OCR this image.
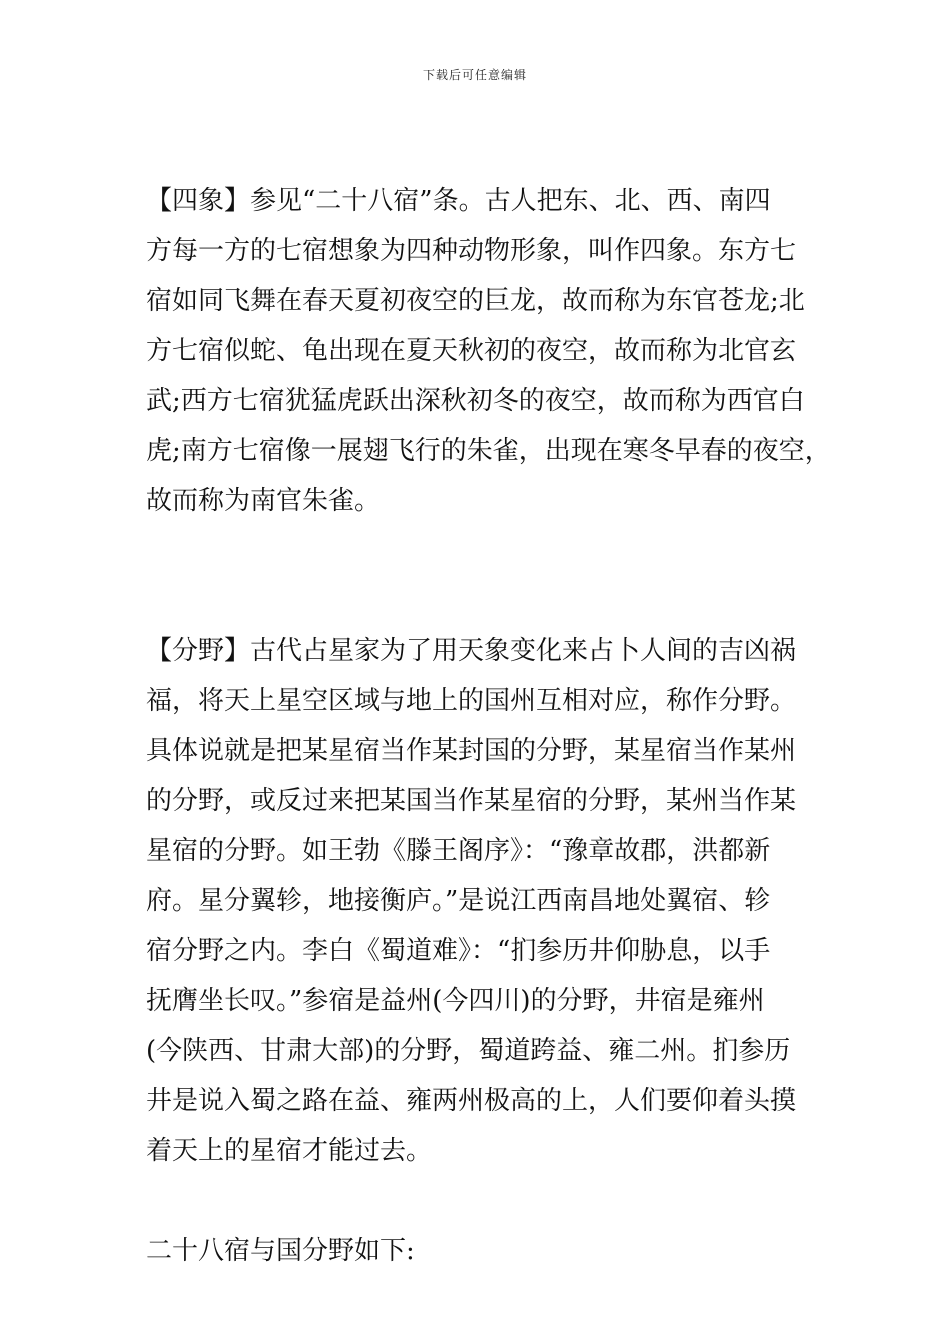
下载后可任意编辑
【四象】参见“二十八宿”条。古人把东、北、西、南四
方每一方的七宿想象为四种动物形象，叫作四象。东方七
宿如同飞舞在春天夏初夜空的巨龙，故而称为东官苍龙;北
方七宿似蛇、龟出现在夏天秋初的夜空，故而称为北官玄
武;西方七宿犹猛虎跃出深秋初冬的夜空，故而称为西官白
虎;南方七宿像一展翅飞行的朱雀，出现在寒冬早春的夜空，
故而称为南官朱雀。
【分野】古代占星家为了用天象变化来占卜人间的吉凶祸
福，将天上星空区域与地上的国州互相对应，称作分野。
具体说就是把某星宿当作某封国的分野，某星宿当作某州
的分野，或反过来把某国当作某星宿的分野，某州当作某
星宿的分野。如王勃《滕王阁序》：“豫章故郡，洪都新
府。星分翼轸，地接衡庐。”是说江西南昌地处翼宿、轸
宿分野之内。李白《蜀道难》：“扪参历井仰胁息，以手
抚膺坐长叹。”参宿是益州(今四川)的分野，井宿是雍州
(今陕西、甘肃大部)的分野，蜀道跨益、雍二州。扪参历
井是说入蜀之路在益、雍两州极高的上，人们要仰着头摸
着天上的星宿才能过去。
二十八宿与国分野如下:
